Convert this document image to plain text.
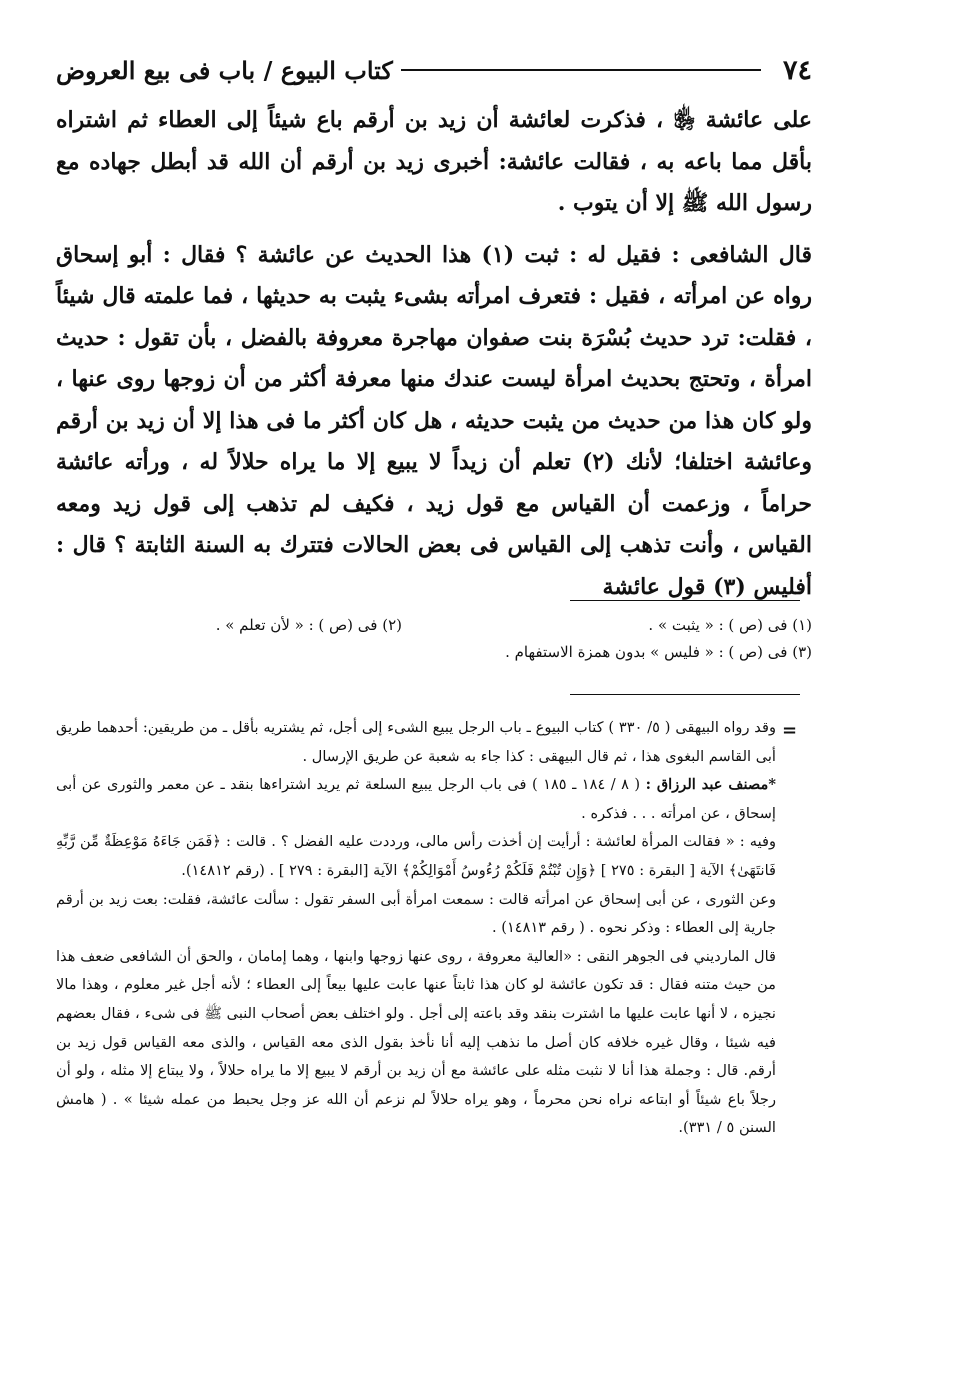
٧٤
كتاب البيوع / باب فى بيع العروض

على عائشة ﵂ ، فذكرت لعائشة أن زيد بن أرقم باع شيئاً إلى العطاء ثم اشتراه بأقل مما باعه به ، فقالت عائشة: أخبرى زيد بن أرقم أن الله قد أبطل جهاده مع رسول الله ﷺ إلا أن يتوب .

قال الشافعى : فقيل له : ثبت (١) هذا الحديث عن عائشة ؟ فقال : أبو إسحاق رواه عن امرأته ، فقيل : فتعرف امرأته بشىء يثبت به حديثها ، فما علمته قال شيئاً ، فقلت: ترد حديث بُسْرَة بنت صفوان مهاجرة معروفة بالفضل ، بأن تقول : حديث امرأة ، وتحتج بحديث امرأة ليست عندك منها معرفة أكثر من أن زوجها روى عنها ، ولو كان هذا من حديث من يثبت حديثه ، هل كان أكثر ما فى هذا إلا أن زيد بن أرقم وعائشة اختلفا؛ لأنك (٢) تعلم أن زيداً لا يبيع إلا ما يراه حلالاً له ، ورأته عائشة حراماً ، وزعمت أن القياس مع قول زيد ، فكيف لم تذهب إلى قول زيد ومعه القياس ، وأنت تذهب إلى القياس فى بعض الحالات فتترك به السنة الثابتة ؟ قال : أفليس (٣) قول عائشة

(١) فى (ص ) : « يثبت » .
(٢) فى (ص ) : « لأن تعلم » .
(٣) فى (ص ) : « فليس » بدون همزة الاستفهام .
=

وقد رواه البيهقى ( ٥/ ٣٣٠ ) كتاب البيوع ـ باب الرجل يبيع الشىء إلى أجل، ثم يشتريه بأقل ـ من طريقين: أحدهما طريق أبى القاسم البغوى هذا ، ثم قال البيهقى : كذا جاء به شعبة عن طريق الإرسال .

*مصنف عبد الرزاق : ( ٨ / ١٨٤ ـ ١٨٥ ) فى باب الرجل يبيع السلعة ثم يريد اشتراءها بنقد ـ عن معمر والثورى عن أبى إسحاق ، عن امرأته . . . فذكره .

وفيه : « فقالت المرأة لعائشة : أرأيت إن أخذت رأس مالى، ورددت عليه الفضل ؟ . قالت : ﴿فَمَن جَاءَهُ مَوْعِظَةٌ مِّن رَّبِّهِ فَانتَهَىٰ﴾ الآية [ البقرة : ٢٧٥ ] ﴿وَإِن تُبْتُمْ فَلَكُمْ رُءُوسُ أَمْوَالِكُمْ﴾ الآية [البقرة : ٢٧٩ ] . (رقم ١٤٨١٢).

وعن الثورى ، عن أبى إسحاق عن امرأته قالت : سمعت امرأة أبى السفر تقول : سألت عائشة، فقلت: بعت زيد بن أرقم جارية إلى العطاء : وذكر نحوه . ( رقم ١٤٨١٣) .

قال المارديني فى الجوهر النقى : «العالية معروفة ، روى عنها زوجها وابنها ، وهما إمامان ، والحق أن الشافعى ضعف هذا من حيث متنه فقال : قد تكون عائشة لو كان هذا ثابتاً عنها عابت عليها بيعاً إلى العطاء ؛ لأنه أجل غير معلوم ، وهذا مالا نجيزه ، لا أنها عابت عليها ما اشترت بنقد وقد باعته إلى أجل . ولو اختلف بعض أصحاب النبى ﷺ فى شىء ، فقال بعضهم فيه شيئا ، وقال غيره خلافه كان أصل ما نذهب إليه أنا نأخذ بقول الذى معه القياس ، والذى معه القياس قول زيد بن أرقم. قال : وجملة هذا أنا لا نثبت مثله على عائشة مع أن زيد بن أرقم لا يبيع إلا ما يراه حلالاً ، ولا يبتاع إلا مثله ، ولو أن رجلاً باع شيئاً أو ابتاعه نراه نحن محرماً ، وهو يراه حلالاً لم نزعم أن الله عز وجل يحبط من عمله شيئا » . ( هامش السنن ٥ / ٣٣١).
